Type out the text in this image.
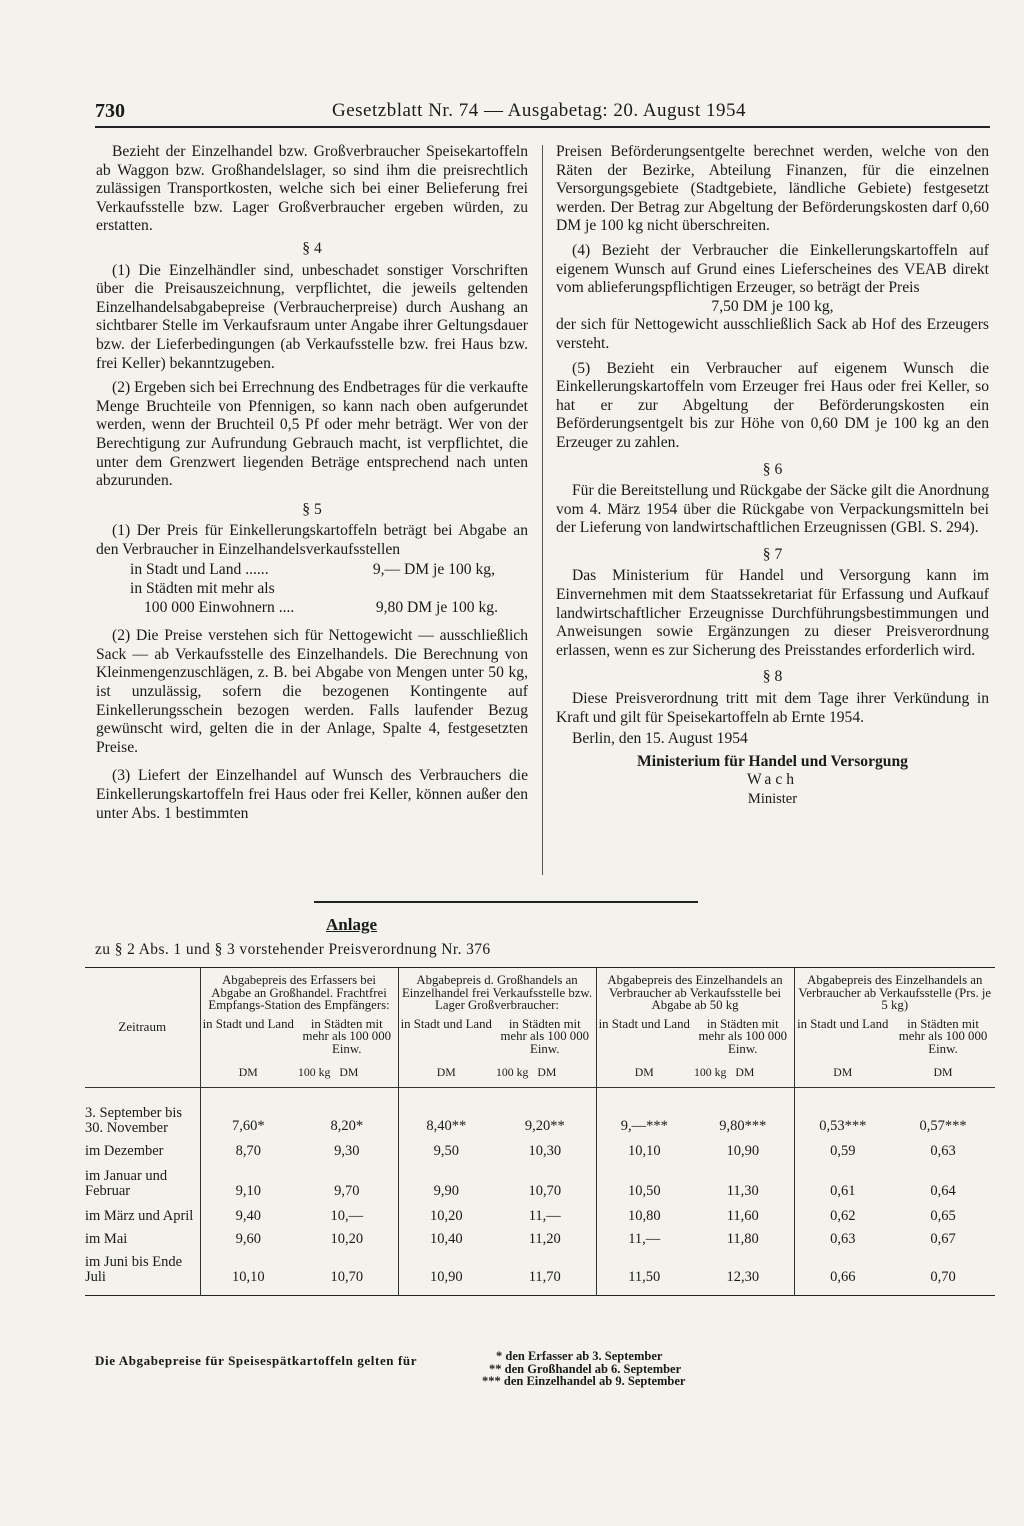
730	Gesetzblatt Nr. 74 — Ausgabetag: 20. August 1954

Bezieht der Einzelhandel bzw. Großverbraucher Speisekartoffeln ab Waggon bzw. Großhandelslager, so sind ihm die preisrechtlich zulässigen Transportkosten, welche sich bei einer Belieferung frei Verkaufsstelle bzw. Lager Großverbraucher ergeben würden, zu erstatten.

§ 4

(1) Die Einzelhändler sind, unbeschadet sonstiger Vorschriften über die Preisauszeichnung, verpflichtet, die jeweils geltenden Einzelhandelsabgabepreise (Verbraucherpreise) durch Aushang an sichtbarer Stelle im Verkaufsraum unter Angabe ihrer Geltungsdauer bzw. der Lieferbedingungen (ab Verkaufsstelle bzw. frei Haus bzw. frei Keller) bekanntzugeben.

(2) Ergeben sich bei Errechnung des Endbetrages für die verkaufte Menge Bruchteile von Pfennigen, so kann nach oben aufgerundet werden, wenn der Bruchteil 0,5 Pf oder mehr beträgt. Wer von der Berechtigung zur Aufrundung Gebrauch macht, ist verpflichtet, die unter dem Grenzwert liegenden Beträge entsprechend nach unten abzurunden.

§ 5

(1) Der Preis für Einkellerungskartoffeln beträgt bei Abgabe an den Verbraucher in Einzelhandelsverkaufsstellen

in Stadt und Land ......	9,— DM je 100 kg,
in Städten mit mehr als
100 000 Einwohnern ....	9,80 DM je 100 kg.

(2) Die Preise verstehen sich für Nettogewicht — ausschließlich Sack — ab Verkaufsstelle des Einzelhandels. Die Berechnung von Kleinmengenzuschlägen, z. B. bei Abgabe von Mengen unter 50 kg, ist unzulässig, sofern die bezogenen Kontingente auf Einkellerungsschein bezogen werden. Falls laufender Bezug gewünscht wird, gelten die in der Anlage, Spalte 4, festgesetzten Preise.

(3) Liefert der Einzelhandel auf Wunsch des Verbrauchers die Einkellerungskartoffeln frei Haus oder frei Keller, können außer den unter Abs. 1 bestimmten

Preisen Beförderungsentgelte berechnet werden, welche von den Räten der Bezirke, Abteilung Finanzen, für die einzelnen Versorgungsgebiete (Stadtgebiete, ländliche Gebiete) festgesetzt werden. Der Betrag zur Abgeltung der Beförderungskosten darf 0,60 DM je 100 kg nicht überschreiten.

(4) Bezieht der Verbraucher die Einkellerungskartoffeln auf eigenem Wunsch auf Grund eines Lieferscheines des VEAB direkt vom ablieferungspflichtigen Erzeuger, so beträgt der Preis

7,50 DM je 100 kg,

der sich für Nettogewicht ausschließlich Sack ab Hof des Erzeugers versteht.

(5) Bezieht ein Verbraucher auf eigenem Wunsch die Einkellerungskartoffeln vom Erzeuger frei Haus oder frei Keller, so hat er zur Abgeltung der Beförderungskosten ein Beförderungsentgelt bis zur Höhe von 0,60 DM je 100 kg an den Erzeuger zu zahlen.

§ 6

Für die Bereitstellung und Rückgabe der Säcke gilt die Anordnung vom 4. März 1954 über die Rückgabe von Verpackungsmitteln bei der Lieferung von landwirtschaftlichen Erzeugnissen (GBl. S. 294).

§ 7

Das Ministerium für Handel und Versorgung kann im Einvernehmen mit dem Staatssekretariat für Erfassung und Aufkauf landwirtschaftlicher Erzeugnisse Durchführungsbestimmungen und Anweisungen sowie Ergänzungen zu dieser Preisverordnung erlassen, wenn es zur Sicherung des Preisstandes erforderlich wird.

§ 8

Diese Preisverordnung tritt mit dem Tage ihrer Verkündung in Kraft und gilt für Speisekartoffeln ab Ernte 1954.

Berlin, den 15. August 1954

Ministerium für Handel und Versorgung
Wach
Minister
Anlage
zu § 2 Abs. 1 und § 3 vorstehender Preisverordnung Nr. 376
Zeitraum	Abgabepreis des Erfassers bei Abgabe an Großhandel. Frachtfrei Empfangs-Station des Empfängers:		Abgabepreis d. Großhandels an Einzelhandel frei Verkaufsstelle bzw. Lager Großverbraucher:		Abgabepreis des Einzelhandels an Verbraucher ab Verkaufsstelle bei Abgabe ab 50 kg		Abgabepreis des Einzelhandels an Verbraucher ab Verkaufsstelle (Prs. je 5 kg)	
	in Stadt und Land	in Städten mit mehr als 100 000 Einw.	in Stadt und Land	in Städten mit mehr als 100 000 Einw.	in Stadt und Land	in Städten mit mehr als 100 000 Einw.	in Stadt und Land	in Städten mit mehr als 100 000 Einw.
	DM	100 kg DM	DM	100 kg DM	DM	100 kg DM	DM	DM
3. September bis 30. November	7,60*	8,20*	8,40**	9,20**	9,—***	9,80***	0,53***	0,57***
im Dezember	8,70	9,30	9,50	10,30	10,10	10,90	0,59	0,63
im Januar und Februar	9,10	9,70	9,90	10,70	10,50	11,30	0,61	0,64
im März und April	9,40	10,—	10,20	11,—	10,80	11,60	0,62	0,65
im Mai	9,60	10,20	10,40	11,20	11,—	11,80	0,63	0,67
im Juni bis Ende Juli	10,10	10,70	10,90	11,70	11,50	12,30	0,66	0,70

Die Abgabepreise für Speisespätkartoffeln gelten für	* den Erfasser ab 3. September
** den Großhandel ab 6. September
*** den Einzelhandel ab 9. September
